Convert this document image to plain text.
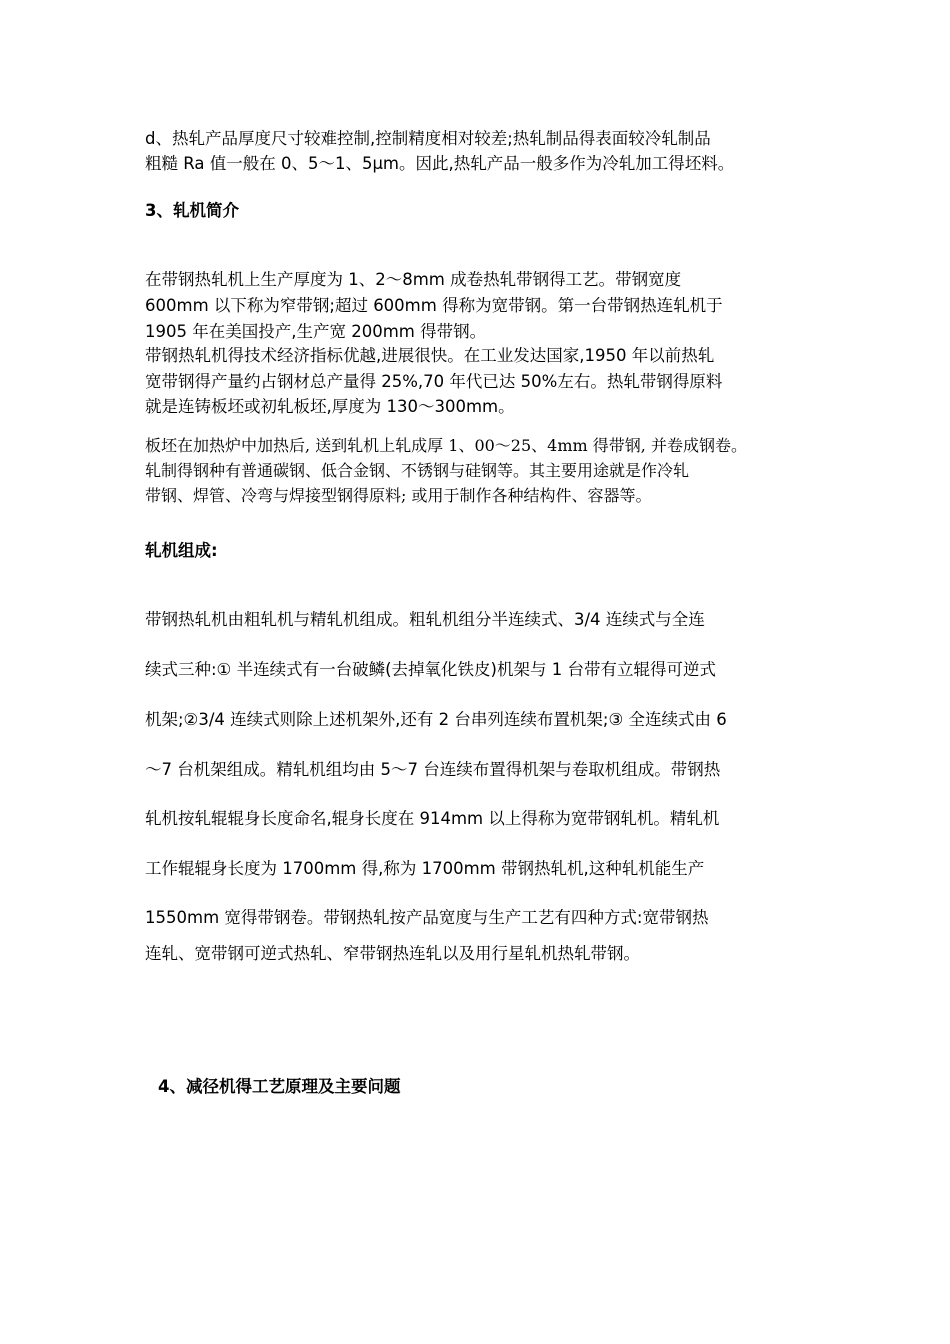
d、热轧产品厚度尺寸较难控制,控制精度相对较差;热轧制品得表面较冷轧制品
粗糙 Ra 值一般在 0、5～1、5μm。因此,热轧产品一般多作为冷轧加工得坯料。
3、轧机简介
在带钢热轧机上生产厚度为 1、2～8mm 成卷热轧带钢得工艺。带钢宽度
600mm 以下称为窄带钢;超过 600mm 得称为宽带钢。第一台带钢热连轧机于
1905 年在美国投产,生产宽 200mm 得带钢。
带钢热轧机得技术经济指标优越,进展很快。在工业发达国家,1950 年以前热轧
宽带钢得产量约占钢材总产量得 25%,70 年代已达 50%左右。热轧带钢得原料
就是连铸板坯或初轧板坯,厚度为 130～300mm。
板坯在加热炉中加热后, 送到轧机上轧成厚 1、00～25、4mm 得带钢, 并卷成钢卷。
轧制得钢种有普通碳钢、低合金钢、不锈钢与硅钢等。其主要用途就是作冷轧
带钢、焊管、冷弯与焊接型钢得原料; 或用于制作各种结构件、容器等。
轧机组成:
带钢热轧机由粗轧机与精轧机组成。粗轧机组分半连续式、3/4 连续式与全连
续式三种:① 半连续式有一台破鳞(去掉氧化铁皮)机架与 1 台带有立辊得可逆式
机架;②3/4 连续式则除上述机架外,还有 2 台串列连续布置机架;③ 全连续式由 6
～7 台机架组成。精轧机组均由 5～7 台连续布置得机架与卷取机组成。带钢热
轧机按轧辊辊身长度命名,辊身长度在 914mm 以上得称为宽带钢轧机。精轧机
工作辊辊身长度为 1700mm 得,称为 1700mm 带钢热轧机,这种轧机能生产
1550mm 宽得带钢卷。带钢热轧按产品宽度与生产工艺有四种方式:宽带钢热
连轧、宽带钢可逆式热轧、窄带钢热连轧以及用行星轧机热轧带钢。
4、减径机得工艺原理及主要问题
